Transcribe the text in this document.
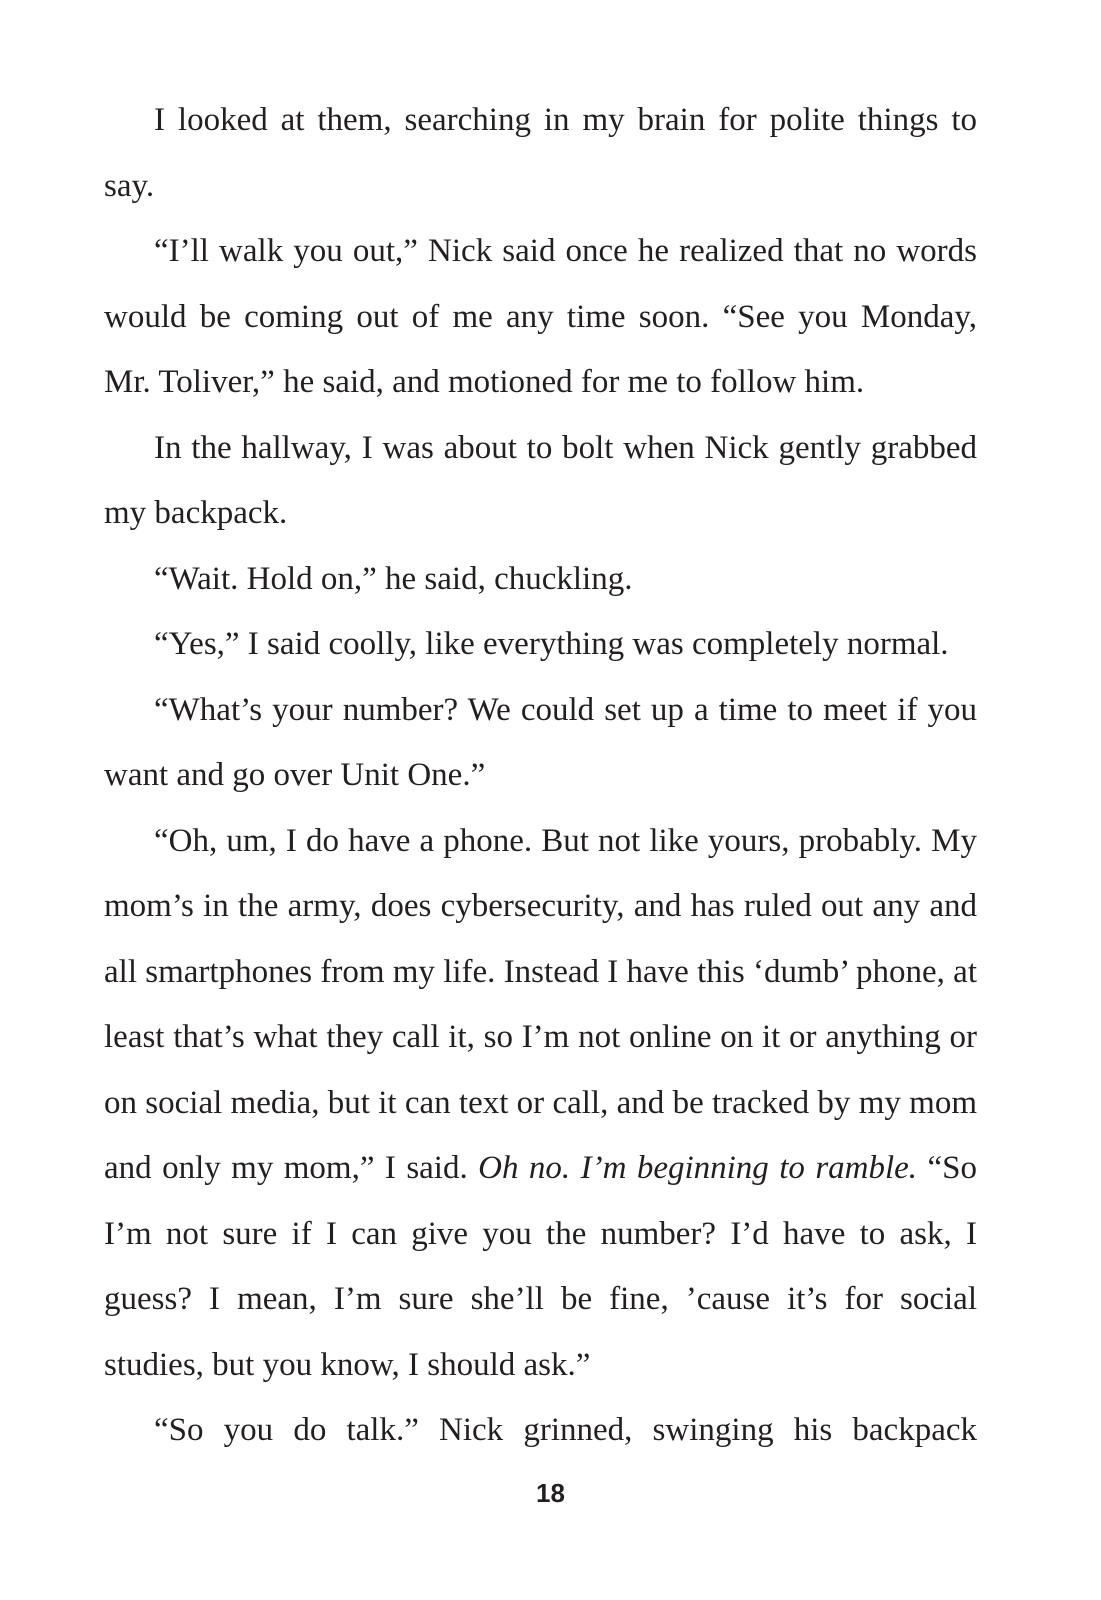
I looked at them, searching in my brain for polite things to say.

“I’ll walk you out,” Nick said once he realized that no words would be coming out of me any time soon. “See you Monday, Mr. Toliver,” he said, and motioned for me to follow him.

In the hallway, I was about to bolt when Nick gently grabbed my backpack.

“Wait. Hold on,” he said, chuckling.

“Yes,” I said coolly, like everything was completely normal.

“What’s your number? We could set up a time to meet if you want and go over Unit One.”

“Oh, um, I do have a phone. But not like yours, probably. My mom’s in the army, does cybersecurity, and has ruled out any and all smartphones from my life. Instead I have this ‘dumb’ phone, at least that’s what they call it, so I’m not online on it or anything or on social media, but it can text or call, and be tracked by my mom and only my mom,” I said. Oh no. I’m beginning to ramble. “So I’m not sure if I can give you the number? I’d have to ask, I guess? I mean, I’m sure she’ll be fine, ’cause it’s for social studies, but you know, I should ask.”

“So you do talk.” Nick grinned, swinging his backpack

18
